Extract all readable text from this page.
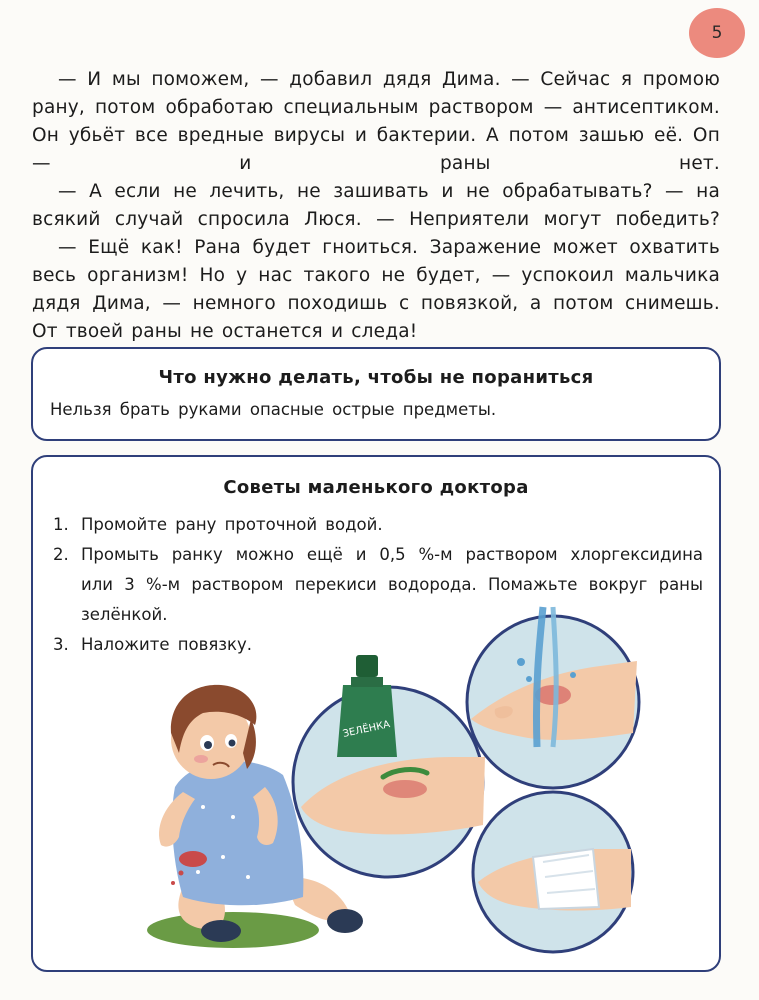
5

— И мы поможем, — добавил дядя Дима. — Сейчас я промою рану, потом обработаю специальным раствором — антисептиком. Он убьёт все вредные вирусы и бактерии. А потом зашью её. Оп — и раны нет.

— А если не лечить, не зашивать и не обрабатывать? — на всякий случай спросила Люся. — Неприятели могут победить?

— Ещё как! Рана будет гноиться. Заражение может охватить весь организм! Но у нас такого не будет, — успокоил мальчика дядя Дима, — немного походишь с повязкой, а потом снимешь. От твоей раны не останется и следа!

Что нужно делать, чтобы не пораниться
Нельзя брать руками опасные острые предметы.
Советы маленького доктора
1. Промойте рану проточной водой.
2. Промыть ранку можно ещё и 0,5 %-м раствором хлоргексидина или 3 %-м раствором перекиси водорода. Помажьте вокруг раны зелёнкой.
3. Наложите повязку.
ЗЕЛЁНКА
